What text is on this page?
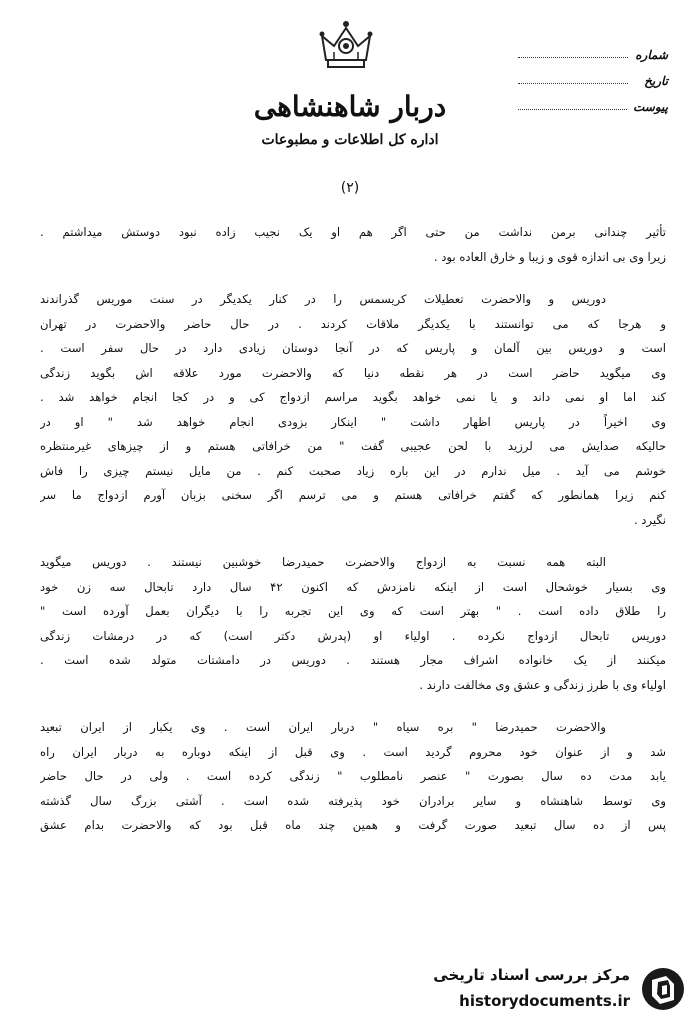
دربار شاهنشاهی
اداره کل اطلاعات و مطبوعات
شماره
تاریخ
پیوست
(۲)
تأثیر چندانی برمن نداشت من حتی اگر هم او یک نجیب زاده نبود دوستش میداشتم .
زیرا وی بی اندازه قوی و زیبا و خارق العاده بود .
دوریس و والاحضرت تعطیلات کریسمس را در کنار یکدیگر در سنت موریس گذراندند
و هرجا که می توانستند با یکدیگر ملاقات کردند . در حال حاضر والاحضرت در تهران
است و دوریس بین آلمان و پاریس که در آنجا دوستان زیادی دارد در حال سفر است .
وی میگوید حاضر است در هر نقطه دنیا که والاحضرت مورد علاقه اش بگوید زندگی
کند اما او نمی داند و یا نمی خواهد بگوید مراسم ازدواج کی و در کجا انجام خواهد شد .
وی اخیراً در پاریس اظهار داشت " اینکار بزودی انجام خواهد شد " او در
حالیکه صدایش می لرزید با لحن عجیبی گفت " من خرافاتی هستم و از چیزهای غیرمنتظره
خوشم می آید . میل ندارم در این باره زیاد صحبت کنم . من مایل نیستم چیزی را فاش
کنم زیرا همانطور که گفتم خرافاتی هستم و می ترسم اگر سخنی بزبان آورم ازدواج ما سر
نگیرد .
البته همه نسبت به ازدواج والاحضرت حمیدرضا خوشبین نیستند . دوریس میگوید
وی بسیار خوشحال است از اینکه نامزدش که اکنون ۴۲ سال دارد تابحال سه زن خود
را طلاق داده است . " بهتر است که وی این تجربه را با دیگران بعمل آورده است "
دوریس تابحال ازدواج نکرده . اولیاء او (پدرش دکتر است) که در درمشات زندگی
میکنند از یک خانواده اشراف مجار هستند . دوریس در دامشتات متولد شده است .
اولیاء وی با طرز زندگی و عشق وی مخالفت دارند .
والاحضرت حمیدرضا " بره سیاه " دربار ایران است . وی یکبار از ایران تبعید
شد و از عنوان خود محروم گردید است . وی قبل از اینکه دوباره به دربار ایران راه
یابد مدت ده سال بصورت " عنصر نامطلوب " زندگی کرده است . ولی در حال حاضر
وی توسط شاهنشاه و سایر برادران خود پذیرفته شده است . آشتی بزرگ سال گذشته
پس از ده سال تبعید صورت گرفت و همین چند ماه قبل بود که والاحضرت بدام عشق
مرکز بررسی اسناد تاریخی
historydocuments.ir
